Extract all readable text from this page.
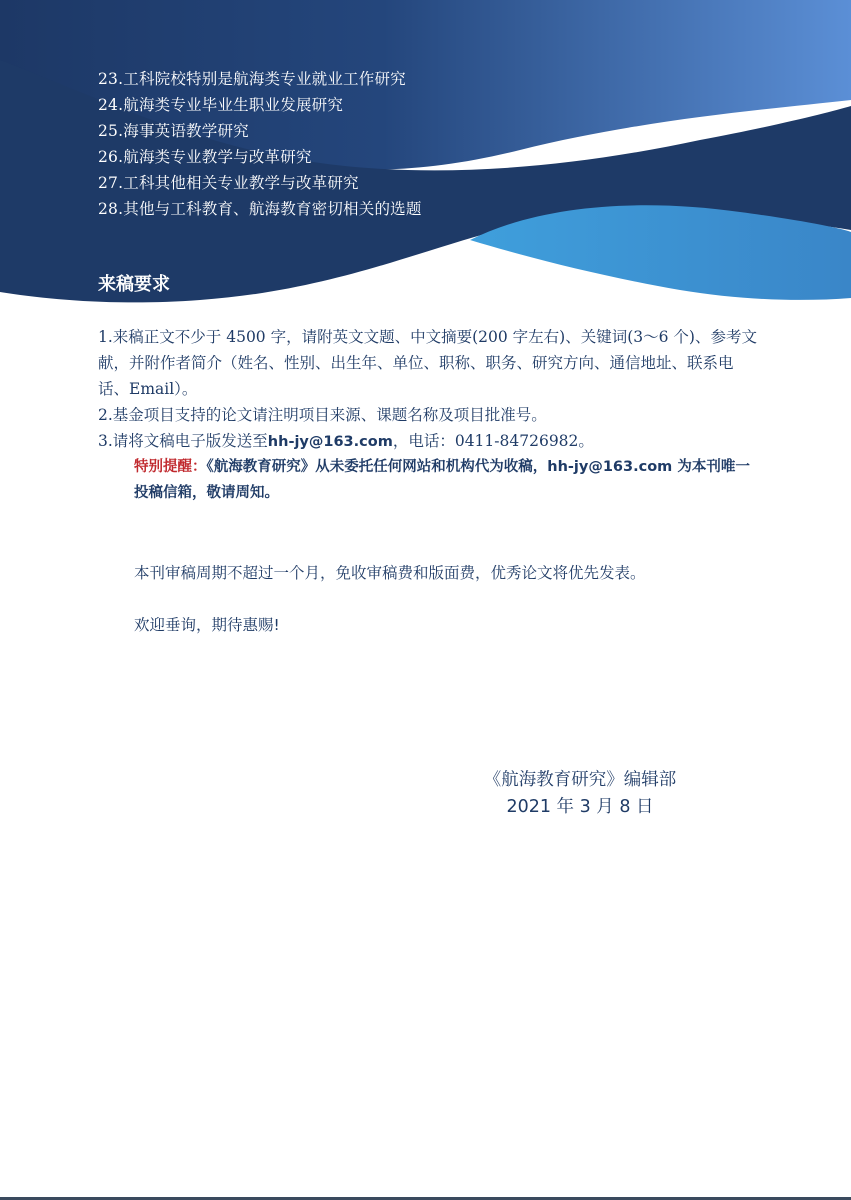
23.工科院校特别是航海类专业就业工作研究
24.航海类专业毕业生职业发展研究
25.海事英语教学研究
26.航海类专业教学与改革研究
27.工科其他相关专业教学与改革研究
28.其他与工科教育、航海教育密切相关的选题
来稿要求

1.来稿正文不少于 4500 字，请附英文文题、中文摘要(200 字左右)、关键词(3～6 个)、参考文献，并附作者简介（姓名、性别、出生年、单位、职称、职务、研究方向、通信地址、联系电话、Email）。

2.基金项目支持的论文请注明项目来源、课题名称及项目批准号。

3.请将文稿电子版发送至hh-jy@163.com，电话：0411-84726982。

特别提醒：《航海教育研究》从未委托任何网站和机构代为收稿，hh-jy@163.com 为本刊唯一投稿信箱，敬请周知。

本刊审稿周期不超过一个月，免收审稿费和版面费，优秀论文将优先发表。

欢迎垂询，期待惠赐!

《航海教育研究》编辑部

2021 年 3 月 8 日
